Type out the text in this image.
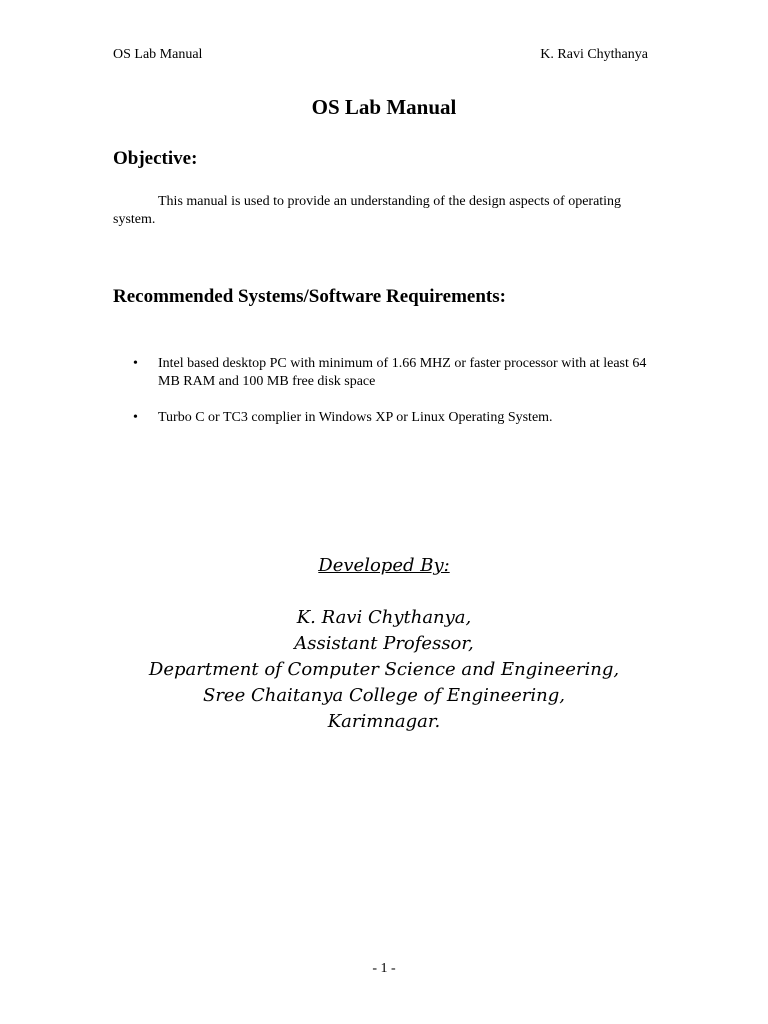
OS Lab Manual	K. Ravi Chythanya
OS Lab Manual
Objective:
This manual is used to provide an understanding of the design aspects of operating system.
Recommended Systems/Software Requirements:
• Intel based desktop PC with minimum of 1.66 MHZ or faster processor with at least 64 MB RAM and 100 MB free disk space
• Turbo C or TC3 complier in Windows XP or Linux Operating System.
Developed By:
K. Ravi Chythanya,
Assistant Professor,
Department of Computer Science and Engineering,
Sree Chaitanya College of Engineering,
Karimnagar.
- 1 -
